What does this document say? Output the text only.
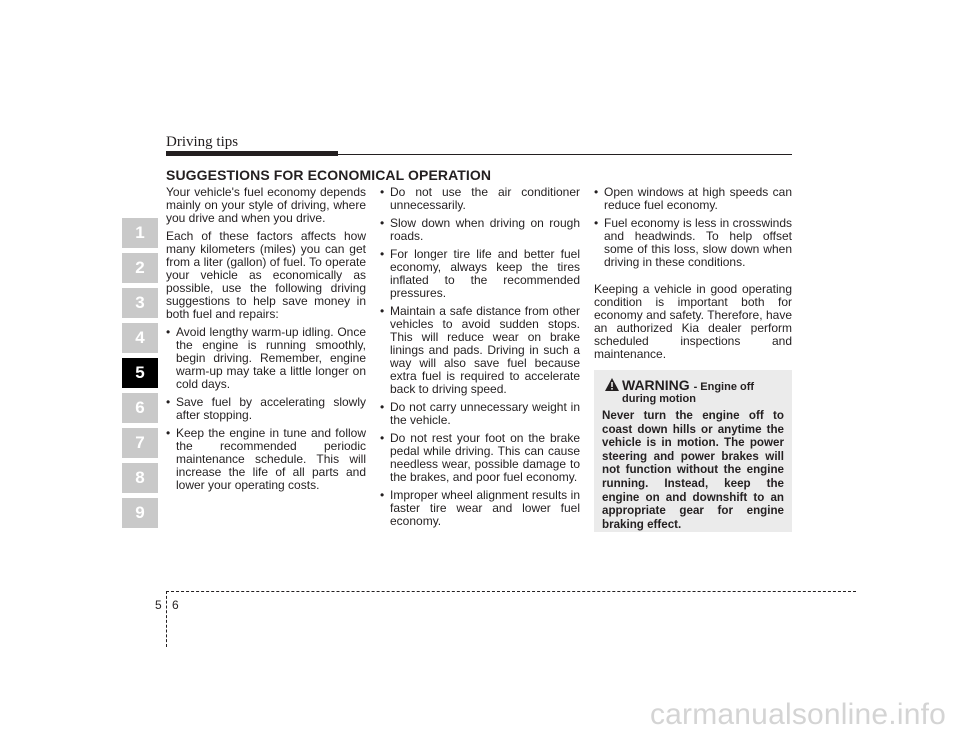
Driving tips
SUGGESTIONS FOR ECONOMICAL OPERATION
1
2
3
4
5
6
7
8
9

Your vehicle's fuel economy depends mainly on your style of driving, where you drive and when you drive.

Each of these factors affects how many kilometers (miles) you can get from a liter (gallon) of fuel. To operate your vehicle as economically as possible, use the following driving suggestions to help save money in both fuel and repairs:

• Avoid lengthy warm-up idling. Once the engine is running smoothly, begin driving. Remember, engine warm-up may take a little longer on cold days.
• Save fuel by accelerating slowly after stopping.
• Keep the engine in tune and follow the recommended periodic maintenance schedule. This will increase the life of all parts and lower your operating costs.
• Do not use the air conditioner unnecessarily.
• Slow down when driving on rough roads.
• For longer tire life and better fuel economy, always keep the tires inflated to the recommended pressures.
• Maintain a safe distance from other vehicles to avoid sudden stops. This will reduce wear on brake linings and pads. Driving in such a way will also save fuel because extra fuel is required to accelerate back to driving speed.
• Do not carry unnecessary weight in the vehicle.
• Do not rest your foot on the brake pedal while driving. This can cause needless wear, possible damage to the brakes, and poor fuel economy.
• Improper wheel alignment results in faster tire wear and lower fuel economy.
• Open windows at high speeds can reduce fuel economy.
• Fuel economy is less in crosswinds and headwinds. To help offset some of this loss, slow down when driving in these conditions.

Keeping a vehicle in good operating condition is important both for economy and safety. Therefore, have an authorized Kia dealer perform scheduled inspections and maintenance.

WARNING - Engine off
during motion
Never turn the engine off to coast down hills or anytime the vehicle is in motion. The power steering and power brakes will not function without the engine running. Instead, keep the engine on and downshift to an appropriate gear for engine braking effect.
5 6
carmanualsonline.info
